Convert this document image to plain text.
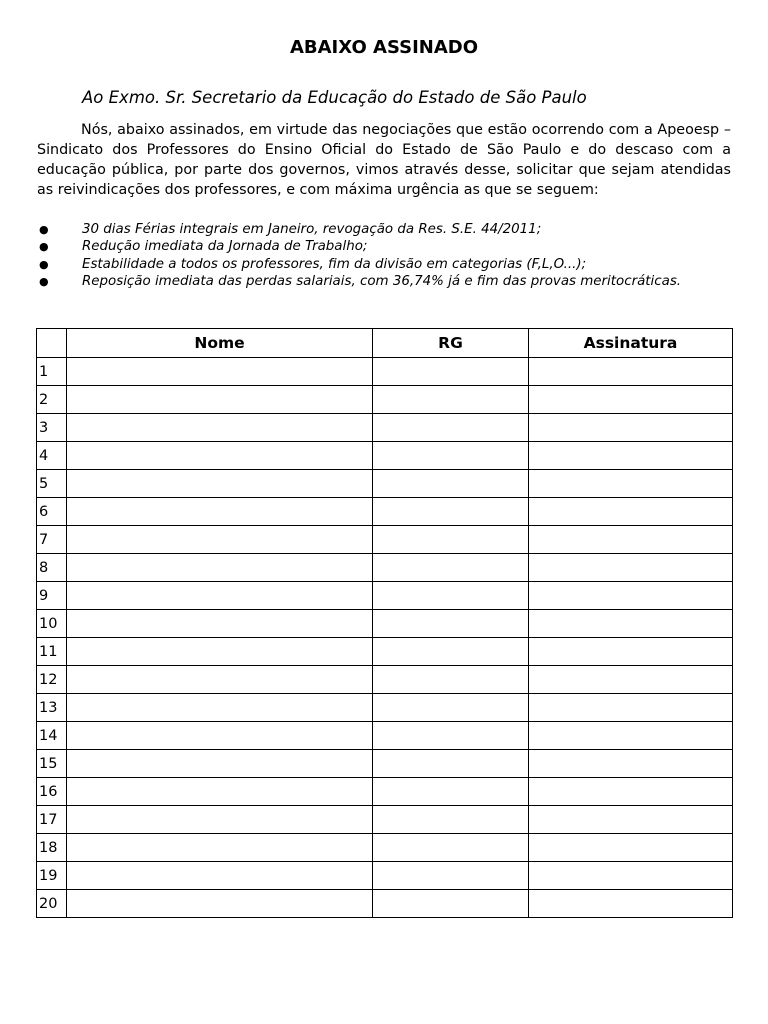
ABAIXO ASSINADO
Ao Exmo. Sr. Secretario da Educação do Estado de São Paulo

Nós, abaixo assinados, em virtude das negociações que estão ocorrendo com a Apeoesp – Sindicato dos Professores do Ensino Oficial do Estado de São Paulo e do descaso com a educação pública, por parte dos governos, vimos através desse, solicitar que sejam atendidas as reivindicações dos professores, e com máxima urgência as que se seguem:

● 30 dias Férias integrais em Janeiro, revogação da Res. S.E. 44/2011;
● Redução imediata da Jornada de Trabalho;
● Estabilidade a todos os professores, fim da divisão em categorias (F,L,O...);
● Reposição imediata das perdas salariais, com 36,74% já e fim das provas meritocráticas.
	Nome	RG	Assinatura
1			
2			
3			
4			
5			
6			
7			
8			
9			
10			
11			
12			
13			
14			
15			
16			
17			
18			
19			
20			
